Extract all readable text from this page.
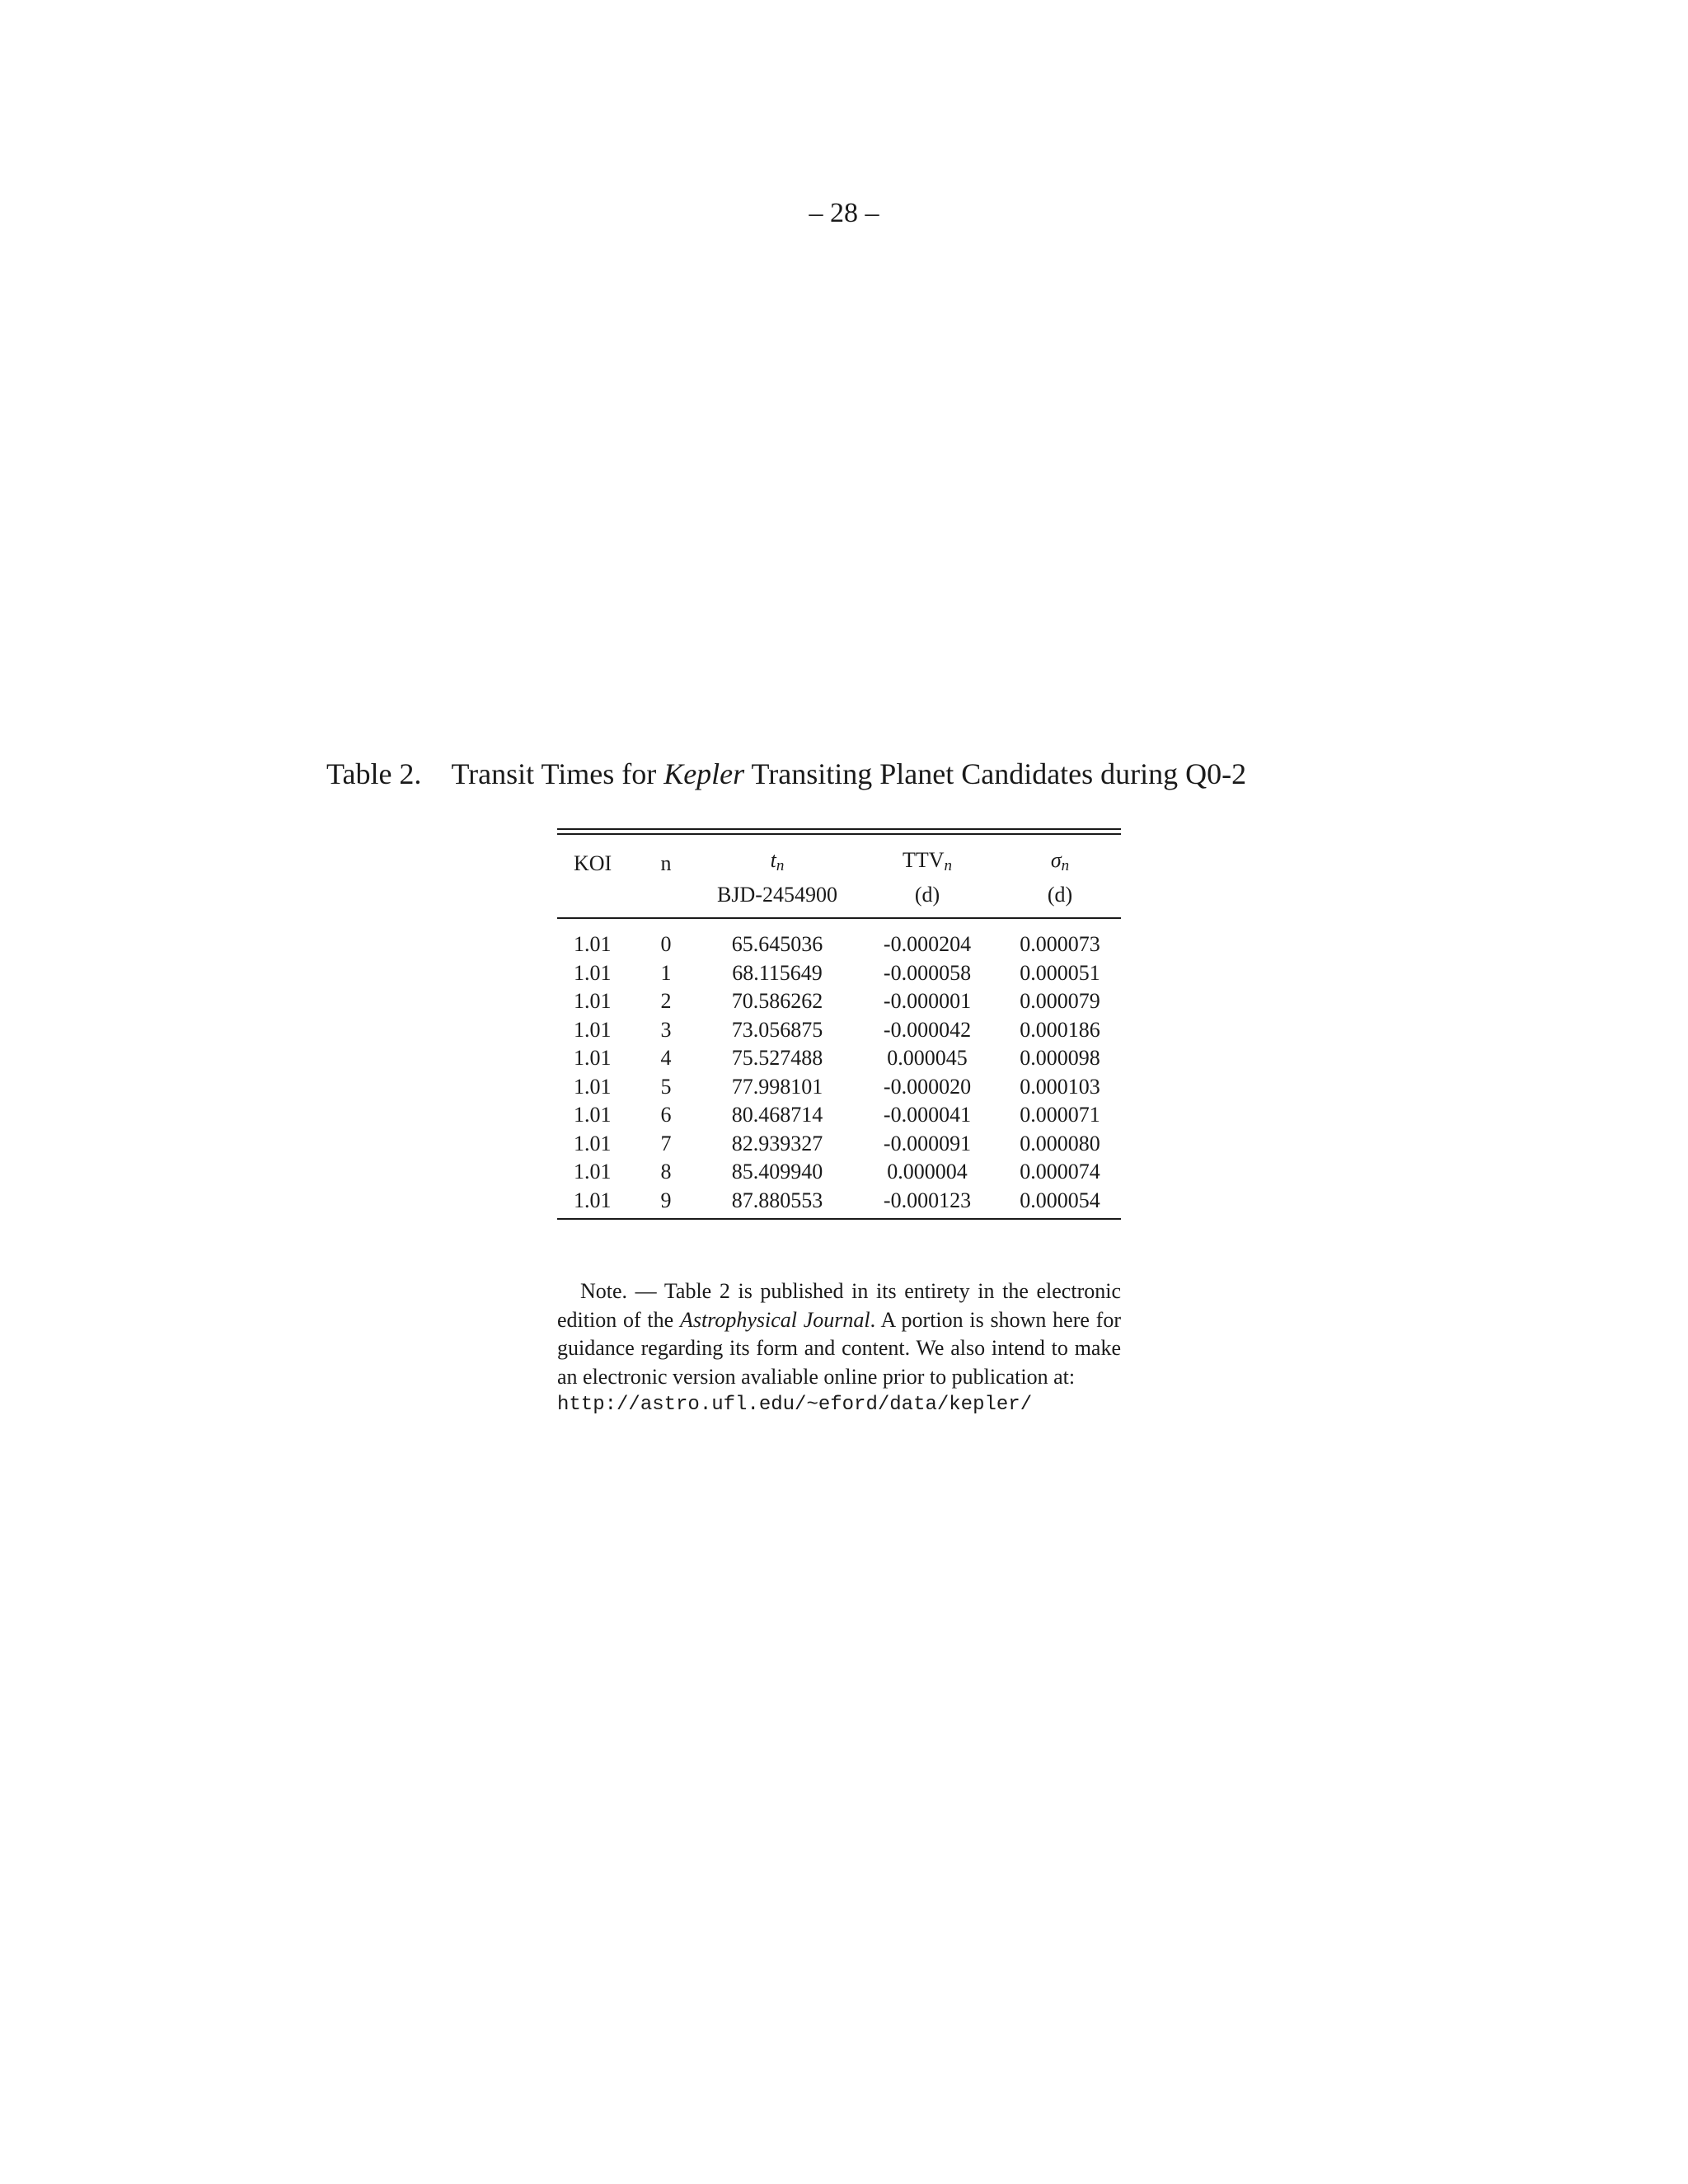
– 28 –
Table 2. Transit Times for Kepler Transiting Planet Candidates during Q0-2
KOI	n	$t_n$	$TTV_n$	$\sigma_n$
		BJD-2454900	(d)	(d)
1.01	0	65.645036	-0.000204	0.000073
1.01	1	68.115649	-0.000058	0.000051
1.01	2	70.586262	-0.000001	0.000079
1.01	3	73.056875	-0.000042	0.000186
1.01	4	75.527488	0.000045	0.000098
1.01	5	77.998101	-0.000020	0.000103
1.01	6	80.468714	-0.000041	0.000071
1.01	7	82.939327	-0.000091	0.000080
1.01	8	85.409940	0.000004	0.000074
1.01	9	87.880553	-0.000123	0.000054
Note. — Table 2 is published in its entirety in the electronic edition of the Astrophysical Journal. A portion is shown here for guidance regarding its form and content. We also intend to make an electronic version avaliable online prior to publication at:
http://astro.ufl.edu/~eford/data/kepler/
